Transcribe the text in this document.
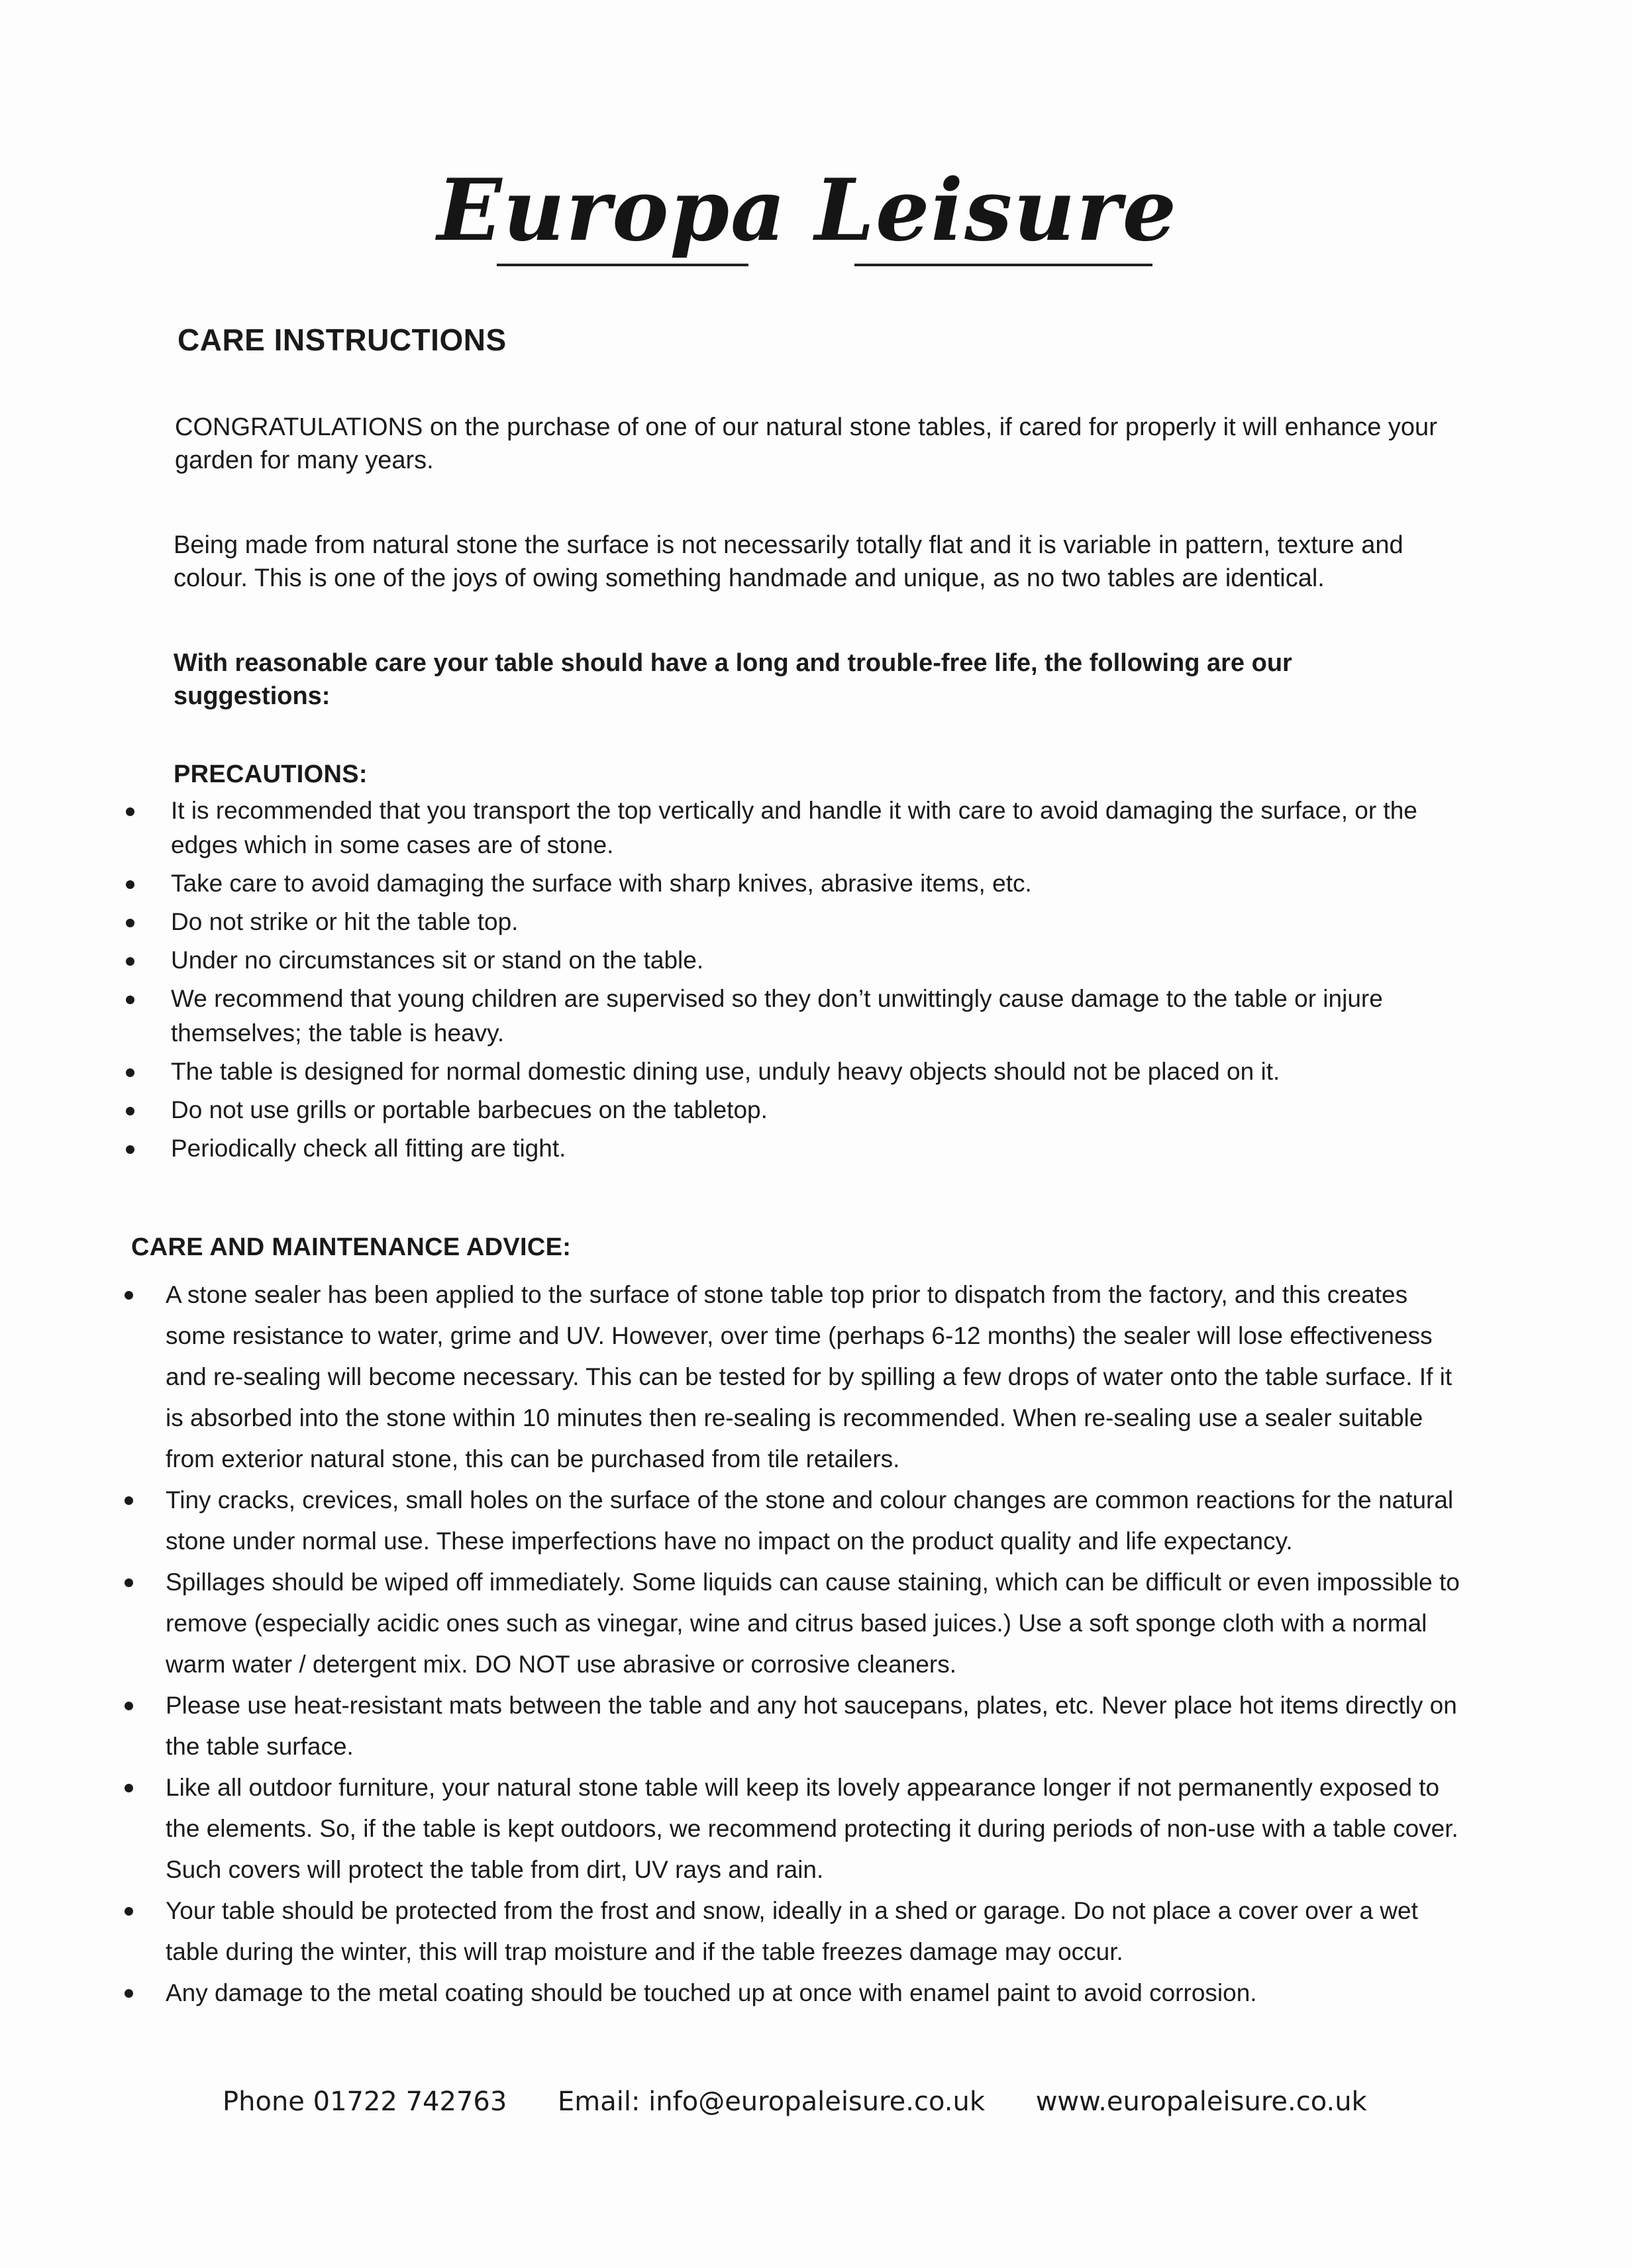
Europa Leisure
CARE INSTRUCTIONS
CONGRATULATIONS on the purchase of one of our natural stone tables, if cared for properly it will enhance your garden for many years.
Being made from natural stone the surface is not necessarily totally flat and it is variable in pattern, texture and colour. This is one of the joys of owing something handmade and unique, as no two tables are identical.
With reasonable care your table should have a long and trouble-free life, the following are our suggestions:
PRECAUTIONS:
It is recommended that you transport the top vertically and handle it with care to avoid damaging the surface, or the edges which in some cases are of stone.
Take care to avoid damaging the surface with sharp knives, abrasive items, etc.
Do not strike or hit the table top.
Under no circumstances sit or stand on the table.
We recommend that young children are supervised so they don’t unwittingly cause damage to the table or injure themselves; the table is heavy.
The table is designed for normal domestic dining use, unduly heavy objects should not be placed on it.
Do not use grills or portable barbecues on the tabletop.
Periodically check all fitting are tight.
CARE AND MAINTENANCE ADVICE:
A stone sealer has been applied to the surface of stone table top prior to dispatch from the factory, and this creates some resistance to water, grime and UV. However, over time (perhaps 6-12 months) the sealer will lose effectiveness and re-sealing will become necessary. This can be tested for by spilling a few drops of water onto the table surface. If it is absorbed into the stone within 10 minutes then re-sealing is recommended. When re-sealing use a sealer suitable from exterior natural stone, this can be purchased from tile retailers.
Tiny cracks, crevices, small holes on the surface of the stone and colour changes are common reactions for the natural stone under normal use. These imperfections have no impact on the product quality and life expectancy.
Spillages should be wiped off immediately. Some liquids can cause staining, which can be difficult or even impossible to remove (especially acidic ones such as vinegar, wine and citrus based juices.) Use a soft sponge cloth with a normal warm water / detergent mix. DO NOT use abrasive or corrosive cleaners.
Please use heat-resistant mats between the table and any hot saucepans, plates, etc. Never place hot items directly on the table surface.
Like all outdoor furniture, your natural stone table will keep its lovely appearance longer if not permanently exposed to the elements. So, if the table is kept outdoors, we recommend protecting it during periods of non-use with a table cover. Such covers will protect the table from dirt, UV rays and rain.
Your table should be protected from the frost and snow, ideally in a shed or garage. Do not place a cover over a wet table during the winter, this will trap moisture and if the table freezes damage may occur.
Any damage to the metal coating should be touched up at once with enamel paint to avoid corrosion.
Phone 01722 742763 Email: info@europaleisure.co.uk www.europaleisure.co.uk
